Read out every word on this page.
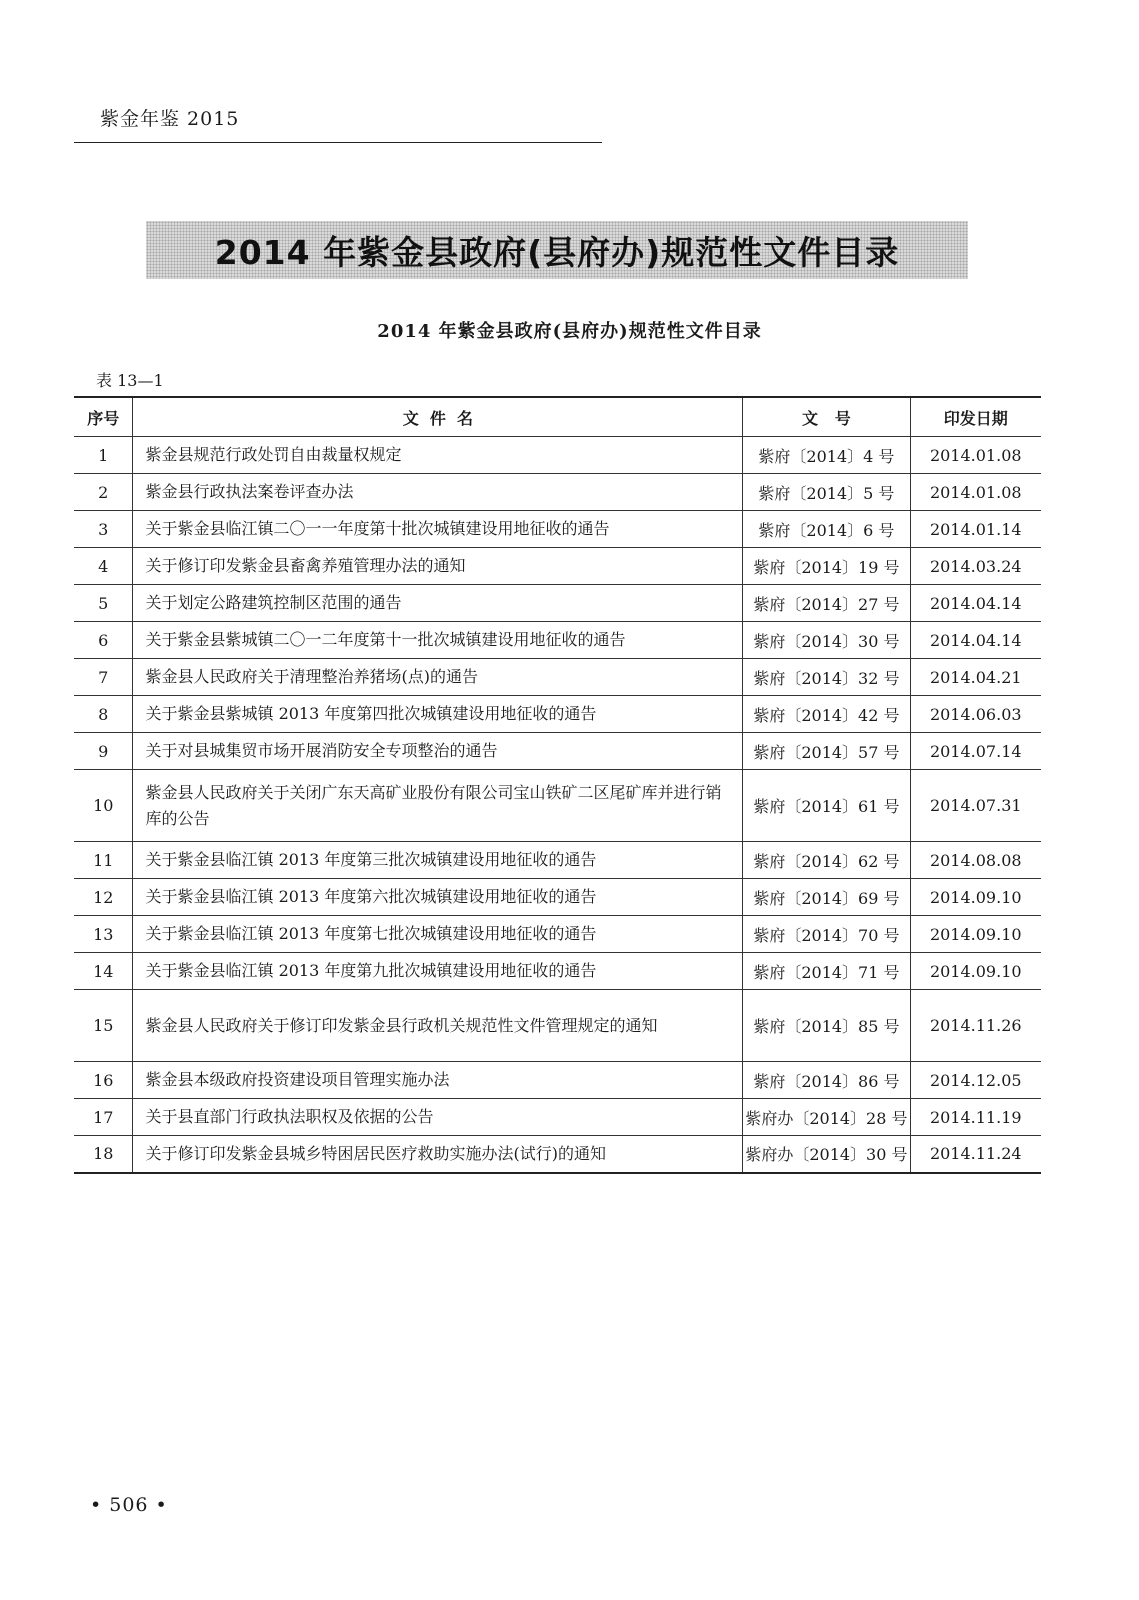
紫金年鉴 2015
2014 年紫金县政府(县府办)规范性文件目录
2014 年紫金县政府(县府办)规范性文件目录
表 13—1
序号	文  件  名	文   号	印发日期
1	紫金县规范行政处罚自由裁量权规定	紫府〔2014〕4 号	2014.01.08
2	紫金县行政执法案卷评查办法	紫府〔2014〕5 号	2014.01.08
3	关于紫金县临江镇二〇一一年度第十批次城镇建设用地征收的通告	紫府〔2014〕6 号	2014.01.14
4	关于修订印发紫金县畜禽养殖管理办法的通知	紫府〔2014〕19 号	2014.03.24
5	关于划定公路建筑控制区范围的通告	紫府〔2014〕27 号	2014.04.14
6	关于紫金县紫城镇二〇一二年度第十一批次城镇建设用地征收的通告	紫府〔2014〕30 号	2014.04.14
7	紫金县人民政府关于清理整治养猪场(点)的通告	紫府〔2014〕32 号	2014.04.21
8	关于紫金县紫城镇 2013 年度第四批次城镇建设用地征收的通告	紫府〔2014〕42 号	2014.06.03
9	关于对县城集贸市场开展消防安全专项整治的通告	紫府〔2014〕57 号	2014.07.14
10	紫金县人民政府关于关闭广东天高矿业股份有限公司宝山铁矿二区尾矿库并进行销库的公告	紫府〔2014〕61 号	2014.07.31
11	关于紫金县临江镇 2013 年度第三批次城镇建设用地征收的通告	紫府〔2014〕62 号	2014.08.08
12	关于紫金县临江镇 2013 年度第六批次城镇建设用地征收的通告	紫府〔2014〕69 号	2014.09.10
13	关于紫金县临江镇 2013 年度第七批次城镇建设用地征收的通告	紫府〔2014〕70 号	2014.09.10
14	关于紫金县临江镇 2013 年度第九批次城镇建设用地征收的通告	紫府〔2014〕71 号	2014.09.10
15	紫金县人民政府关于修订印发紫金县行政机关规范性文件管理规定的通知	紫府〔2014〕85 号	2014.11.26
16	紫金县本级政府投资建设项目管理实施办法	紫府〔2014〕86 号	2014.12.05
17	关于县直部门行政执法职权及依据的公告	紫府办〔2014〕28 号	2014.11.19
18	关于修订印发紫金县城乡特困居民医疗救助实施办法(试行)的通知	紫府办〔2014〕30 号	2014.11.24
• 506 •
